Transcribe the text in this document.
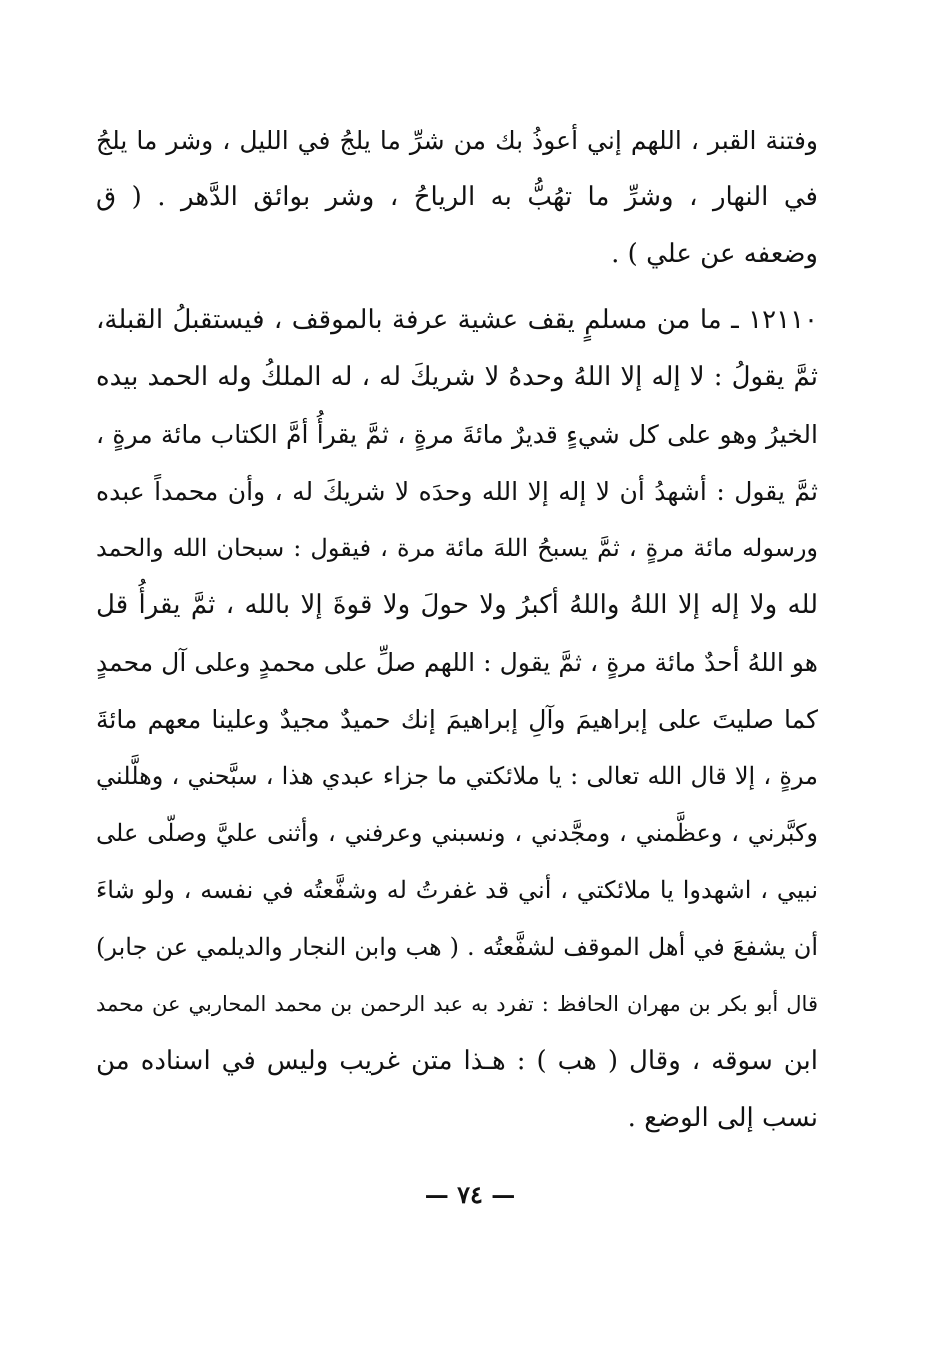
وفتنة القبر ، اللهم إني أعوذُ بك من شرِّ ما يلجُ في الليل ، وشر ما يلجُ
في النهار ، وشرِّ ما تهُبُّ به الرياحُ ، وشر بوائق الدَّهر . ( ق
وضعفه عن علي ) .
١٢١١٠ ـ ما من مسلمٍ يقف عشية عرفة بالموقف ، فيستقبلُ القبلة،
ثمَّ يقولُ : لا إله إلا اللهُ وحدهُ لا شريكَ له ، له الملكُ وله الحمد بيده
الخيرُ وهو على كل شيءٍ قديرٌ مائةَ مرةٍ ، ثمَّ يقرأُ أمَّ الكتاب مائة مرةٍ ،
ثمَّ يقول : أشهدُ أن لا إله إلا الله وحدَه لا شريكَ له ، وأن محمداً عبده
ورسوله مائة مرةٍ ، ثمَّ يسبحُ اللهَ مائة مرة ، فيقول : سبحان الله والحمد
لله ولا إله إلا اللهُ واللهُ أكبرُ ولا حولَ ولا قوةَ إلا بالله ، ثمَّ يقرأُ قل
هو اللهُ أحدٌ مائة مرةٍ ، ثمَّ يقول : اللهم صلِّ على محمدٍ وعلى آل محمدٍ
كما صليتَ على إبراهيمَ وآلِ إبراهيمَ إنك حميدٌ مجيدٌ وعلينا معهم مائةَ
مرةٍ ، إلا قال الله تعالى : يا ملائكتي ما جزاء عبدي هذا ، سبَّحني ، وهلَّلني
وكبَّرني ، وعظَّمني ، ومجَّدني ، ونسبني وعرفني ، وأثنى عليَّ وصلّى على
نبيي ، اشهدوا يا ملائكتي ، أني قد غفرتُ له وشفَّعتُه في نفسه ، ولو شاءَ
أن يشفعَ في أهل الموقف لشفَّعتُه . ( هب وابن النجار والديلمي عن جابر)
قال أبو بكر بن مهران الحافظ : تفرد به عبد الرحمن بن محمد المحاربي عن محمد
ابن سوقه ، وقال ( هب ) : هـذا متن غريب وليس في اسناده من
نسب إلى الوضع .
— ٧٤ —
